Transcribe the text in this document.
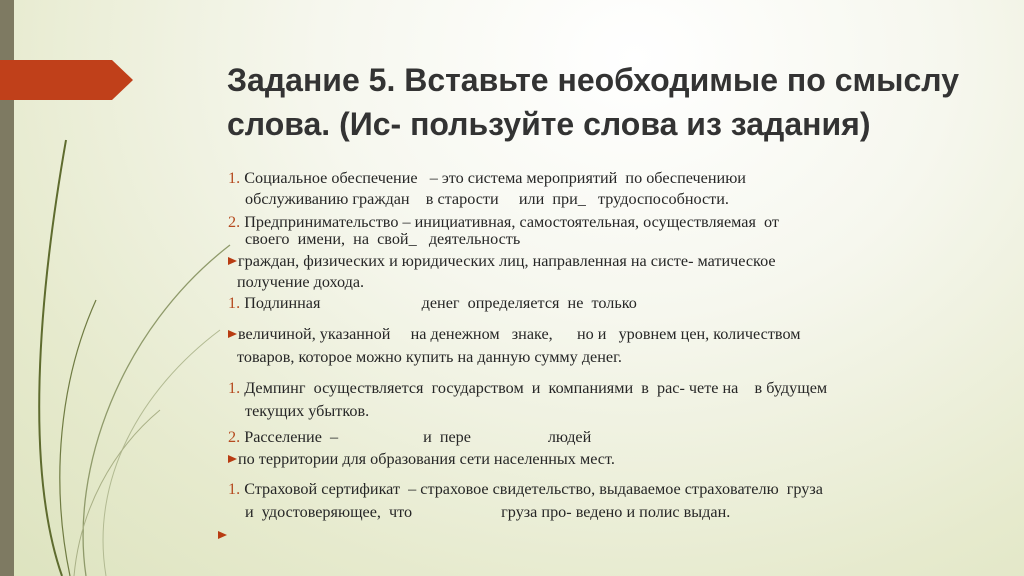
Задание 5. Вставьте необходимые по смыслу слова. (Ис- пользуйте слова из задания)
1. Социальное обеспечение   – это система мероприятий  по обеспечениюи
обслуживанию граждан    в старости     или  при_   трудоспособности.
2. Предпринимательство – инициативная, самостоятельная, осуществляемая  от
своего  имени,  на  свой_   деятельность
граждан, физических и юридических лиц, направленная на систе- матическое
получение дохода.
1. Подлинная                         денег  определяется  не  только
величиной, указанной     на денежном   знаке,      но и   уровнем цен, количеством
товаров, которое можно купить на данную сумму денег.
1. Демпинг  осуществляется  государством  и  компаниями  в  рас- чете на    в будущем
текущих убытков.
2. Расселение  –                     и  пере                   людей
по территории для образования сети населенных мест.
1. Страховой сертификат  – страховое свидетельство, выдаваемое страхователю  груза
и  удостоверяющее,  что                      груза про- ведено и полис выдан.
